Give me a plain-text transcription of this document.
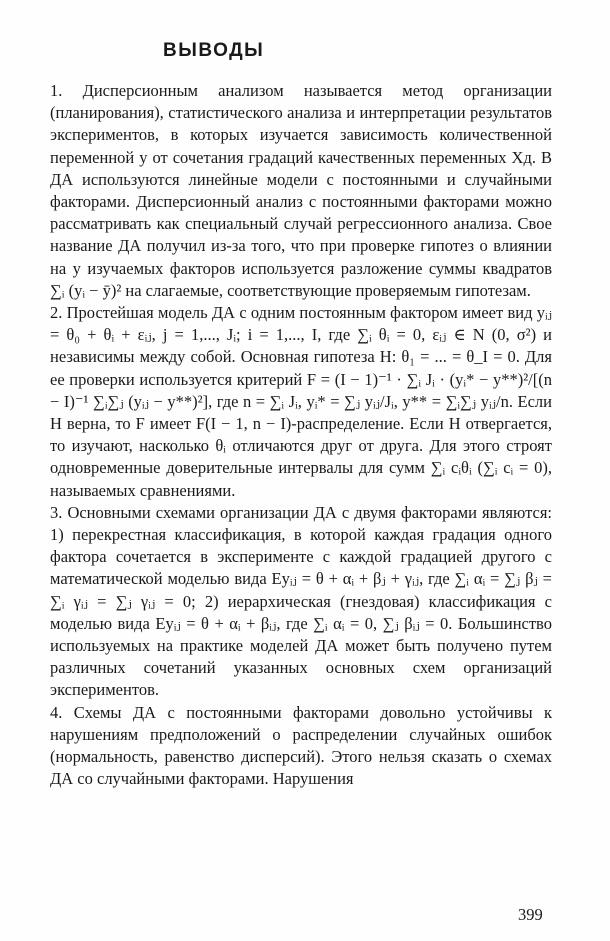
ВЫВОДЫ

1. Дисперсионным анализом называется метод организации (планирования), статистического анализа и интерпретации результатов экспериментов, в которых изучается зависимость количественной переменной y от сочетания градаций качественных переменных Xд. В ДА используются линейные модели с постоянными и случайными факторами. Дисперсионный анализ с постоянными факторами можно рассматривать как специальный случай регрессионного анализа. Свое название ДА получил из-за того, что при проверке гипотез о влиянии на y изучаемых факторов используется разложение суммы квадратов ∑ᵢ (yᵢ − ȳ)² на слагаемые, соответствующие проверяемым гипотезам.

2. Простейшая модель ДА с одним постоянным фактором имеет вид yᵢⱼ = θ₀ + θᵢ + εᵢⱼ, j = 1,..., Jᵢ; i = 1,..., I, где ∑ᵢ θᵢ = 0, εᵢⱼ ∈ N (0, σ²) и независимы между собой. Основная гипотеза H: θ₁ = ... = θ_I = 0. Для ее проверки используется критерий F = (I − 1)⁻¹ · ∑ᵢ Jᵢ · (yᵢ* − y**)²/[(n − I)⁻¹ ∑ᵢ∑ⱼ (yᵢⱼ − y**)²], где n = ∑ᵢ Jᵢ, yᵢ* = ∑ⱼ yᵢⱼ/Jᵢ, y** = ∑ᵢ∑ⱼ yᵢⱼ/n. Если H верна, то F имеет F(I − 1, n − I)-распределение. Если H отвергается, то изучают, насколько θᵢ отличаются друг от друга. Для этого строят одновременные доверительные интервалы для сумм ∑ᵢ cᵢθᵢ (∑ᵢ cᵢ = 0), называемых сравнениями.

3. Основными схемами организации ДА с двумя факторами являются: 1) перекрестная классификация, в которой каждая градация одного фактора сочетается в эксперименте с каждой градацией другого с математической моделью вида Eyᵢⱼ = θ + αᵢ + βⱼ + γᵢⱼ, где ∑ᵢ αᵢ = ∑ⱼ βⱼ = ∑ᵢ γᵢⱼ = ∑ⱼ γᵢⱼ = 0; 2) иерархическая (гнездовая) классификация с моделью вида Eyᵢⱼ = θ + αᵢ + βᵢⱼ, где ∑ᵢ αᵢ = 0, ∑ⱼ βᵢⱼ = 0. Большинство используемых на практике моделей ДА может быть получено путем различных сочетаний указанных основных схем организаций экспериментов.

4. Схемы ДА с постоянными факторами довольно устойчивы к нарушениям предположений о распределении случайных ошибок (нормальность, равенство дисперсий). Этого нельзя сказать о схемах ДА со случайными факторами. Нарушения

399
